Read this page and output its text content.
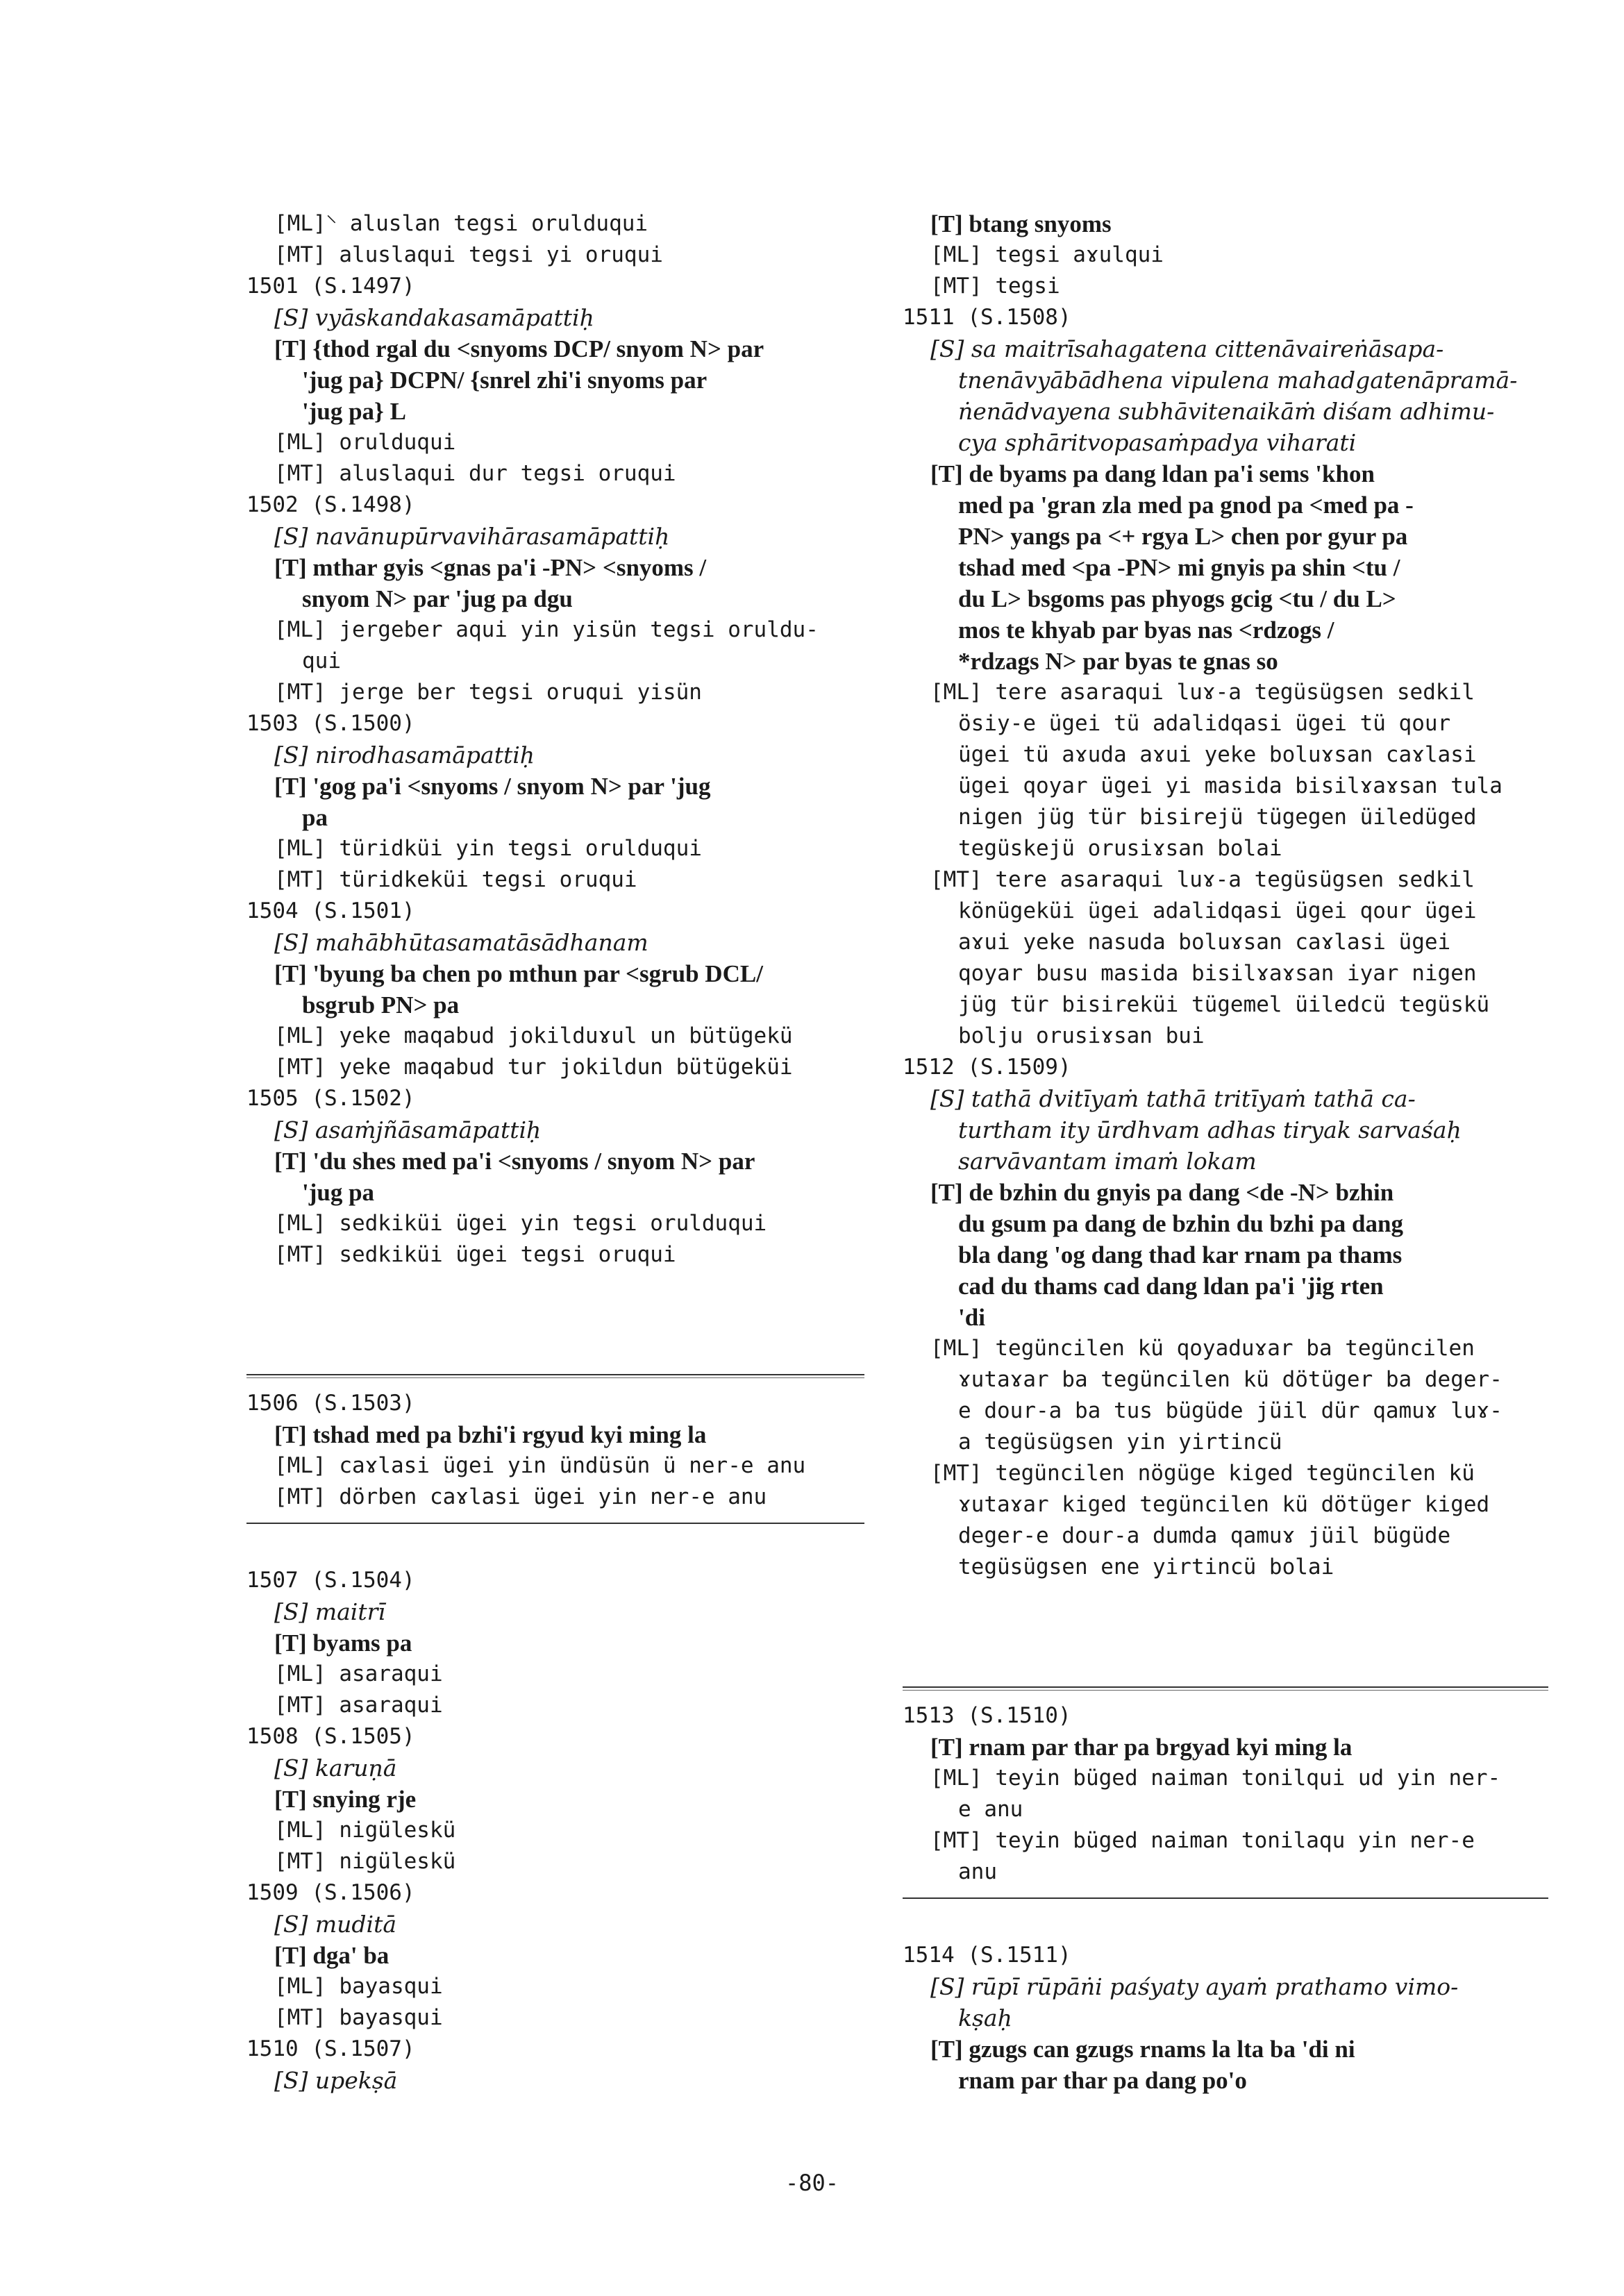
[ML]⸌ aluslan tegsi orulduqui
[MT] aluslaqui tegsi yi oruqui
1501 (S.1497)
[S] vyāskandakasamāpattiḥ
[T] {thod rgal du <snyoms DCP/ snyom N> par
'jug pa} DCPN/ {snrel zhi'i snyoms par
'jug pa} L
[ML] orulduqui
[MT] aluslaqui dur tegsi oruqui
1502 (S.1498)
[S] navānupūrvavihārasamāpattiḥ
[T] mthar gyis <gnas pa'i -PN> <snyoms /
snyom N> par 'jug pa dgu
[ML] jergeber aqui yin yisün tegsi oruldu-
qui
[MT] jerge ber tegsi oruqui yisün
1503 (S.1500)
[S] nirodhasamāpattiḥ
[T] 'gog pa'i <snyoms / snyom N> par 'jug
pa
[ML] türidküi yin tegsi orulduqui
[MT] türidkeküi tegsi oruqui
1504 (S.1501)
[S] mahābhūtasamatāsādhanam
[T] 'byung ba chen po mthun par <sgrub DCL/
bsgrub PN> pa
[ML] yeke maqabud jokilduɤul un bütügekü
[MT] yeke maqabud tur jokildun bütügeküi
1505 (S.1502)
[S] asaṁjñāsamāpattiḥ
[T] 'du shes med pa'i <snyoms / snyom N> par
'jug pa
[ML] sedkiküi ügei yin tegsi orulduqui
[MT] sedkiküi ügei tegsi oruqui
1506 (S.1503)
[T] tshad med pa bzhi'i rgyud kyi ming la
[ML] caɤlasi ügei yin ündüsün ü ner-e anu
[MT] dörben caɤlasi ügei yin ner-e anu
1507 (S.1504)
[S] maitrī
[T] byams pa
[ML] asaraqui
[MT] asaraqui
1508 (S.1505)
[S] karuṇā
[T] snying rje
[ML] nigüleskü
[MT] nigüleskü
1509 (S.1506)
[S] muditā
[T] dga' ba
[ML] bayasqui
[MT] bayasqui
1510 (S.1507)
[S] upekṣā
[T] btang snyoms
[ML] tegsi aɤulqui
[MT] tegsi
1511 (S.1508)
[S] sa maitrīsahagatena cittenāvaireṅāsapa-
tnenāvyābādhena vipulena mahadgatenāpramā-
ṅenādvayena subhāvitenaikāṁ diśam adhimu-
cya sphāritvopasaṁpadya viharati
[T] de byams pa dang ldan pa'i sems 'khon
med pa 'gran zla med pa gnod pa <med pa -
PN> yangs pa <+ rgya L> chen por gyur pa
tshad med <pa -PN> mi gnyis pa shin <tu /
du L> bsgoms pas phyogs gcig <tu / du L>
mos te khyab par byas nas <rdzogs /
*rdzags N> par byas te gnas so
[ML] tere asaraqui luɤ-a tegüsügsen sedkil
ösiy-e ügei tü adalidqasi ügei tü qour
ügei tü aɤuda aɤui yeke boluɤsan caɤlasi
ügei qoyar ügei yi masida bisilɤaɤsan tula
nigen jüg tür bisirejü tügegen üiledüged
tegüskejü orusiɤsan bolai
[MT] tere asaraqui luɤ-a tegüsügsen sedkil
könügeküi ügei adalidqasi ügei qour ügei
aɤui yeke nasuda boluɤsan caɤlasi ügei
qoyar busu masida bisilɤaɤsan iyar nigen
jüg tür bisireküi tügemel üiledcü tegüskü
bolju orusiɤsan bui
1512 (S.1509)
[S] tathā dvitīyaṁ tathā tritīyaṁ tathā ca-
turtham ity ūrdhvam adhas tiryak sarvaśaḥ
sarvāvantam imaṁ lokam
[T] de bzhin du gnyis pa dang <de -N> bzhin
du gsum pa dang de bzhin du bzhi pa dang
bla dang 'og dang thad kar rnam pa thams
cad du thams cad dang ldan pa'i 'jig rten
'di
[ML] tegüncilen kü qoyaduɤar ba tegüncilen
ɤutaɤar ba tegüncilen kü dötüger ba deger-
e dour-a ba tus bügüde jüil dür qamuɤ luɤ-
a tegüsügsen yin yirtincü
[MT] tegüncilen nögüge kiged tegüncilen kü
ɤutaɤar kiged tegüncilen kü dötüger kiged
deger-e dour-a dumda qamuɤ jüil bügüde
tegüsügsen ene yirtincü bolai
1513 (S.1510)
[T] rnam par thar pa brgyad kyi ming la
[ML] teyin büged naiman tonilqui ud yin ner-
e anu
[MT] teyin büged naiman tonilaqu yin ner-e
anu
1514 (S.1511)
[S] rūpī rūpāṅi paśyaty ayaṁ prathamo vimo-
kṣaḥ
[T] gzugs can gzugs rnams la lta ba 'di ni
rnam par thar pa dang po'o
-80-
